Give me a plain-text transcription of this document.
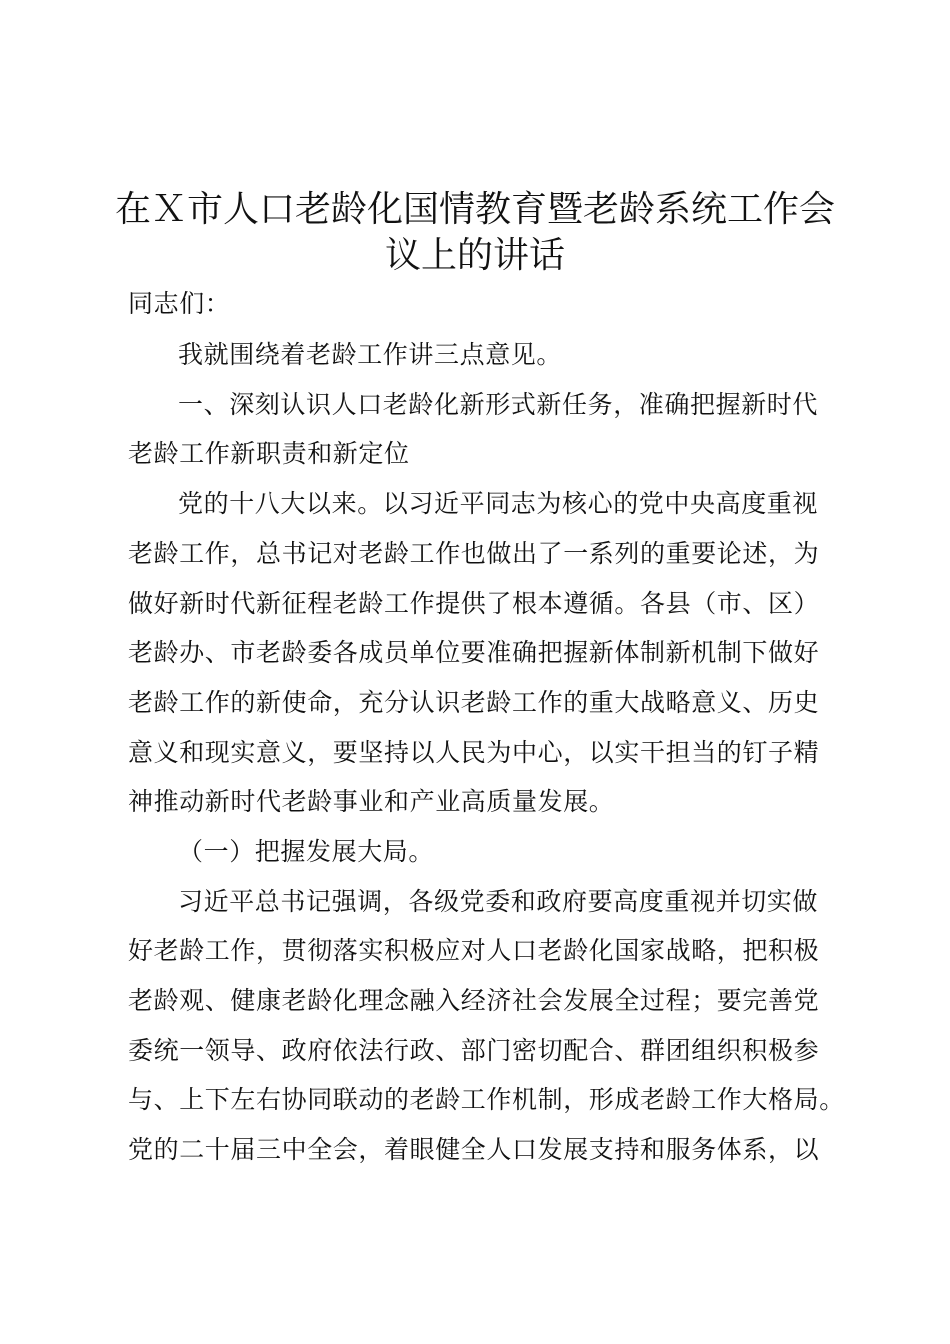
在Ｘ市人口老龄化国情教育暨老龄系统工作会
议上的讲话
同志们：
我就围绕着老龄工作讲三点意见。
一、深刻认识人口老龄化新形式新任务，准确把握新时代
老龄工作新职责和新定位
党的十八大以来。以习近平同志为核心的党中央高度重视
老龄工作，总书记对老龄工作也做出了一系列的重要论述，为
做好新时代新征程老龄工作提供了根本遵循。各县（市、区）
老龄办、市老龄委各成员单位要准确把握新体制新机制下做好
老龄工作的新使命，充分认识老龄工作的重大战略意义、历史
意义和现实意义，要坚持以人民为中心，以实干担当的钉子精
神推动新时代老龄事业和产业高质量发展。
（一）把握发展大局。
习近平总书记强调，各级党委和政府要高度重视并切实做
好老龄工作，贯彻落实积极应对人口老龄化国家战略，把积极
老龄观、健康老龄化理念融入经济社会发展全过程；要完善党
委统一领导、政府依法行政、部门密切配合、群团组织积极参
与、上下左右协同联动的老龄工作机制，形成老龄工作大格局。
党的二十届三中全会，着眼健全人口发展支持和服务体系，以
